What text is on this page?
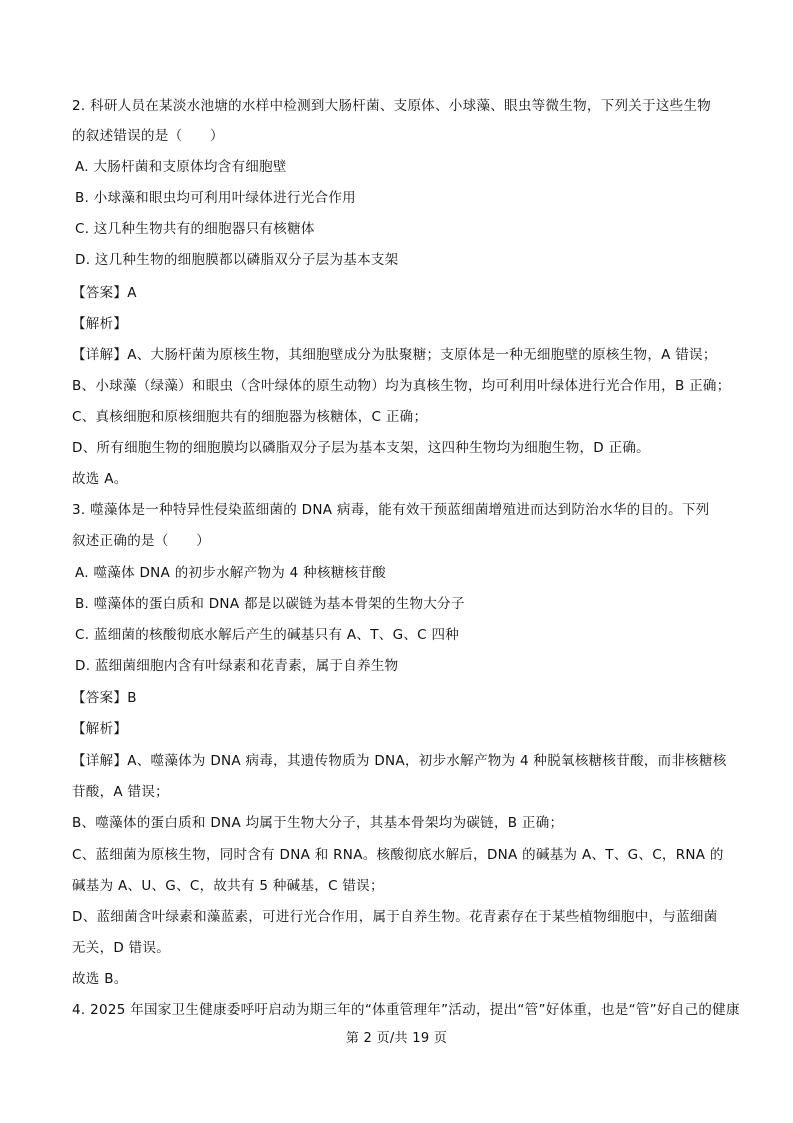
2. 科研人员在某淡水池塘的水样中检测到大肠杆菌、支原体、小球藻、眼虫等微生物，下列关于这些生物
的叙述错误的是（　　）
A. 大肠杆菌和支原体均含有细胞壁
B. 小球藻和眼虫均可利用叶绿体进行光合作用
C. 这几种生物共有的细胞器只有核糖体
D. 这几种生物的细胞膜都以磷脂双分子层为基本支架
【答案】A
【解析】
【详解】A、大肠杆菌为原核生物，其细胞壁成分为肽聚糖；支原体是一种无细胞壁的原核生物，A 错误；
B、小球藻（绿藻）和眼虫（含叶绿体的原生动物）均为真核生物，均可利用叶绿体进行光合作用，B 正确；
C、真核细胞和原核细胞共有的细胞器为核糖体，C 正确；
D、所有细胞生物的细胞膜均以磷脂双分子层为基本支架，这四种生物均为细胞生物，D 正确。
故选 A。
3. 噬藻体是一种特异性侵染蓝细菌的 DNA 病毒，能有效干预蓝细菌增殖进而达到防治水华的目的。下列
叙述正确的是（　　）
A. 噬藻体 DNA 的初步水解产物为 4 种核糖核苷酸
B. 噬藻体的蛋白质和 DNA 都是以碳链为基本骨架的生物大分子
C. 蓝细菌的核酸彻底水解后产生的碱基只有 A、T、G、C 四种
D. 蓝细菌细胞内含有叶绿素和花青素，属于自养生物
【答案】B
【解析】
【详解】A、噬藻体为 DNA 病毒，其遗传物质为 DNA，初步水解产物为 4 种脱氧核糖核苷酸，而非核糖核
苷酸，A 错误；
B、噬藻体的蛋白质和 DNA 均属于生物大分子，其基本骨架均为碳链，B 正确；
C、蓝细菌为原核生物，同时含有 DNA 和 RNA。核酸彻底水解后，DNA 的碱基为 A、T、G、C，RNA 的
碱基为 A、U、G、C，故共有 5 种碱基，C 错误；
D、蓝细菌含叶绿素和藻蓝素，可进行光合作用，属于自养生物。花青素存在于某些植物细胞中，与蓝细菌
无关，D 错误。
故选 B。
4. 2025 年国家卫生健康委呼吁启动为期三年的“体重管理年”活动，提出“管”好体重，也是“管”好自己的健康
第 2 页/共 19 页
